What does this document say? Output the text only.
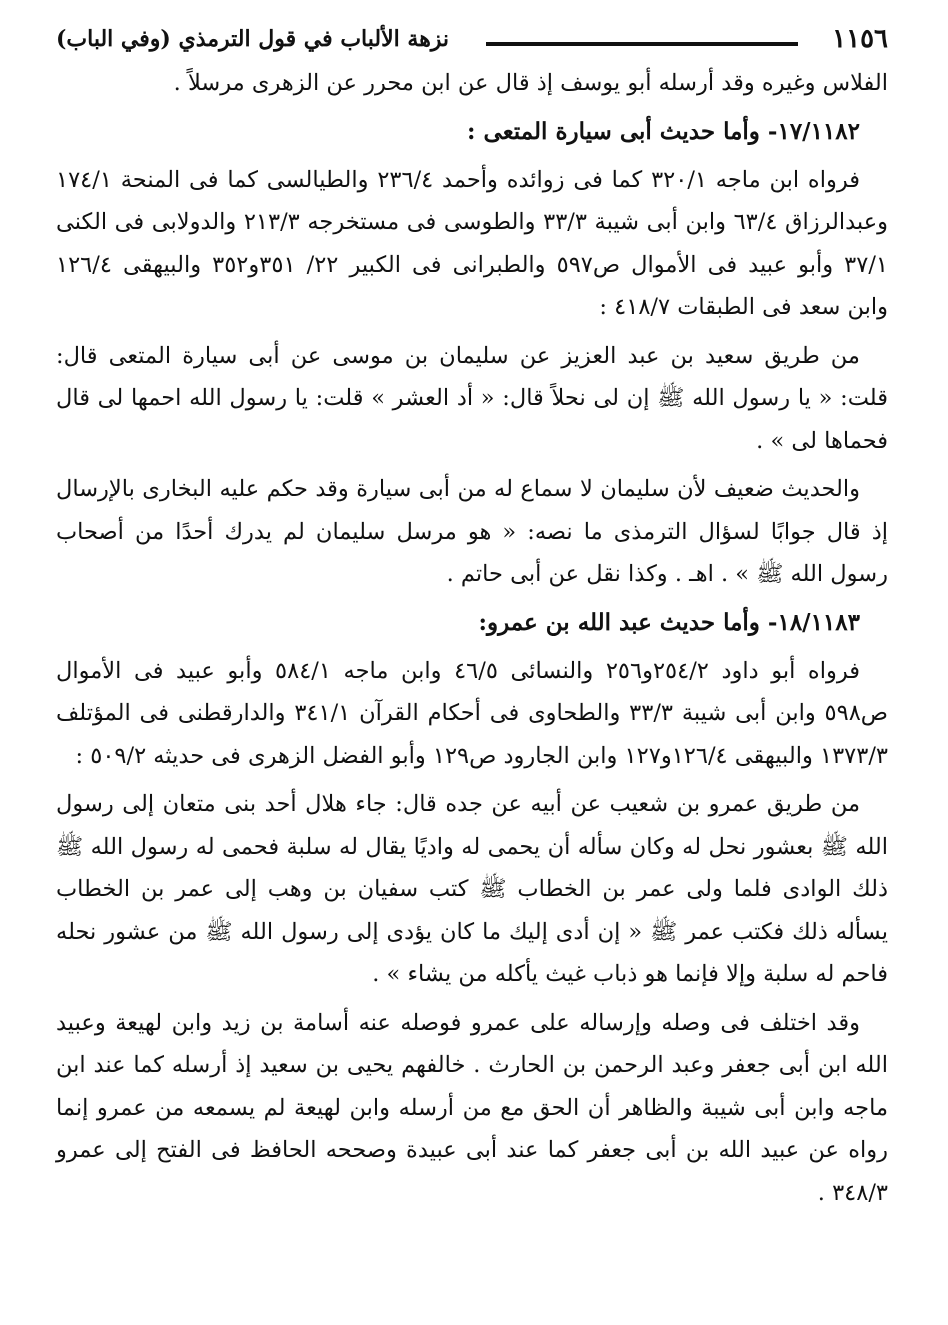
١١٥٦
نزهة الألباب في قول الترمذي (وفي الباب)

الفلاس وغيره وقد أرسله أبو يوسف إذ قال عن ابن محرر عن الزهرى مرسلاً .

١٧/١١٨٢- وأما حديث أبى سيارة المتعى :

فرواه ابن ماجه ٣٢٠/١ كما فى زوائده وأحمد ٢٣٦/٤ والطيالسى كما فى المنحة ١٧٤/١ وعبدالرزاق ٦٣/٤ وابن أبى شيبة ٣٣/٣ والطوسى فى مستخرجه ٢١٣/٣ والدولابى فى الكنى ٣٧/١ وأبو عبيد فى الأموال ص٥٩٧ والطبرانى فى الكبير ٢٢/ ٣٥١و٣٥٢ والبيهقى ١٢٦/٤ وابن سعد فى الطبقات ٤١٨/٧ :

من طريق سعيد بن عبد العزيز عن سليمان بن موسى عن أبى سيارة المتعى قال: قلت: « يا رسول الله ﷺ إن لى نحلاً قال: « أد العشر » قلت: يا رسول الله احمها لى قال فحماها لى » .

والحديث ضعيف لأن سليمان لا سماع له من أبى سيارة وقد حكم عليه البخارى بالإرسال إذ قال جوابًا لسؤال الترمذى ما نصه: « هو مرسل سليمان لم يدرك أحدًا من أصحاب رسول الله ﷺ » . اهـ . وكذا نقل عن أبى حاتم .

١٨/١١٨٣- وأما حديث عبد الله بن عمرو:

فرواه أبو داود ٢٥٤/٢و٢٥٦ والنسائى ٤٦/٥ وابن ماجه ٥٨٤/١ وأبو عبيد فى الأموال ص٥٩٨ وابن أبى شيبة ٣٣/٣ والطحاوى فى أحكام القرآن ٣٤١/١ والدارقطنى فى المؤتلف ١٣٧٣/٣ والبيهقى ١٢٦/٤و١٢٧ وابن الجارود ص١٢٩ وأبو الفضل الزهرى فى حديثه ٥٠٩/٢ :

من طريق عمرو بن شعيب عن أبيه عن جده قال: جاء هلال أحد بنى متعان إلى رسول الله ﷺ بعشور نحل له وكان سأله أن يحمى له واديًا يقال له سلبة فحمى له رسول الله ﷺ ذلك الوادى فلما ولى عمر بن الخطاب ﷺ كتب سفيان بن وهب إلى عمر بن الخطاب يسأله ذلك فكتب عمر ﷺ « إن أدى إليك ما كان يؤدى إلى رسول الله ﷺ من عشور نحله فاحم له سلبة وإلا فإنما هو ذباب غيث يأكله من يشاء » .

وقد اختلف فى وصله وإرساله على عمرو فوصله عنه أسامة بن زيد وابن لهيعة وعبيد الله ابن أبى جعفر وعبد الرحمن بن الحارث . خالفهم يحيى بن سعيد إذ أرسله كما عند ابن ماجه وابن أبى شيبة والظاهر أن الحق مع من أرسله وابن لهيعة لم يسمعه من عمرو إنما رواه عن عبيد الله بن أبى جعفر كما عند أبى عبيدة وصححه الحافظ فى الفتح إلى عمرو ٣٤٨/٣ .
